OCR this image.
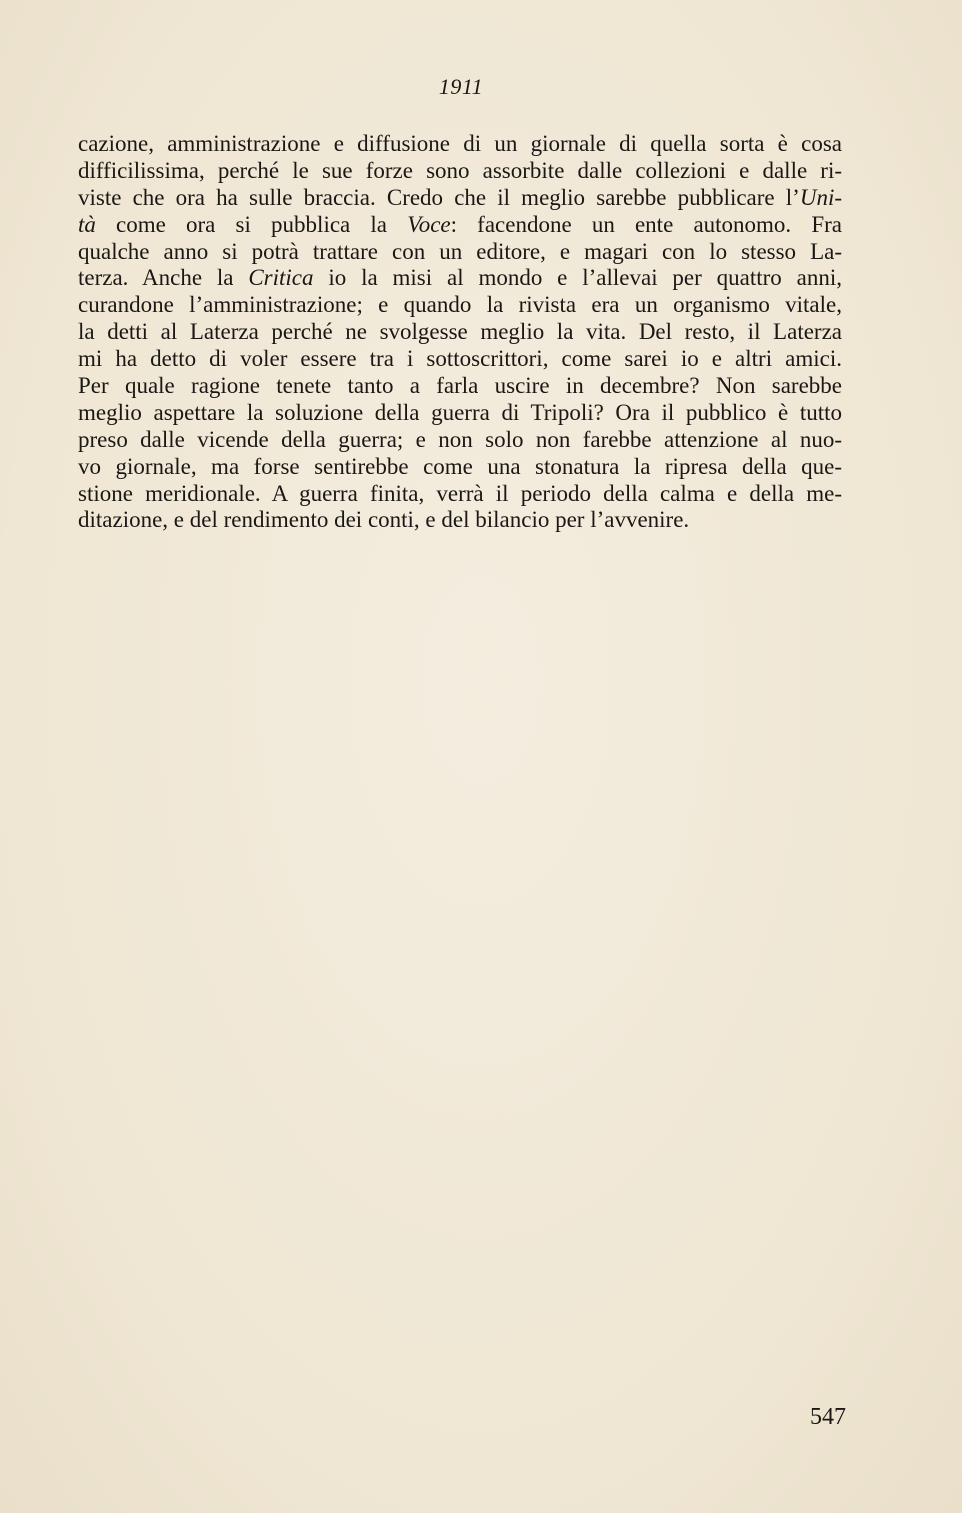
1911
cazione, amministrazione e diffusione di un giornale di quella sorta è cosa
difficilissima, perché le sue forze sono assorbite dalle collezioni e dalle ri-
viste che ora ha sulle braccia. Credo che il meglio sarebbe pubblicare l’Uni-
tà come ora si pubblica la Voce: facendone un ente autonomo. Fra
qualche anno si potrà trattare con un editore, e magari con lo stesso La-
terza. Anche la Critica io la misi al mondo e l’allevai per quattro anni,
curandone l’amministrazione; e quando la rivista era un organismo vitale,
la detti al Laterza perché ne svolgesse meglio la vita. Del resto, il Laterza
mi ha detto di voler essere tra i sottoscrittori, come sarei io e altri amici.
Per quale ragione tenete tanto a farla uscire in decembre? Non sarebbe
meglio aspettare la soluzione della guerra di Tripoli? Ora il pubblico è tutto
preso dalle vicende della guerra; e non solo non farebbe attenzione al nuo-
vo giornale, ma forse sentirebbe come una stonatura la ripresa della que-
stione meridionale. A guerra finita, verrà il periodo della calma e della me-
ditazione, e del rendimento dei conti, e del bilancio per l’avvenire.
547
